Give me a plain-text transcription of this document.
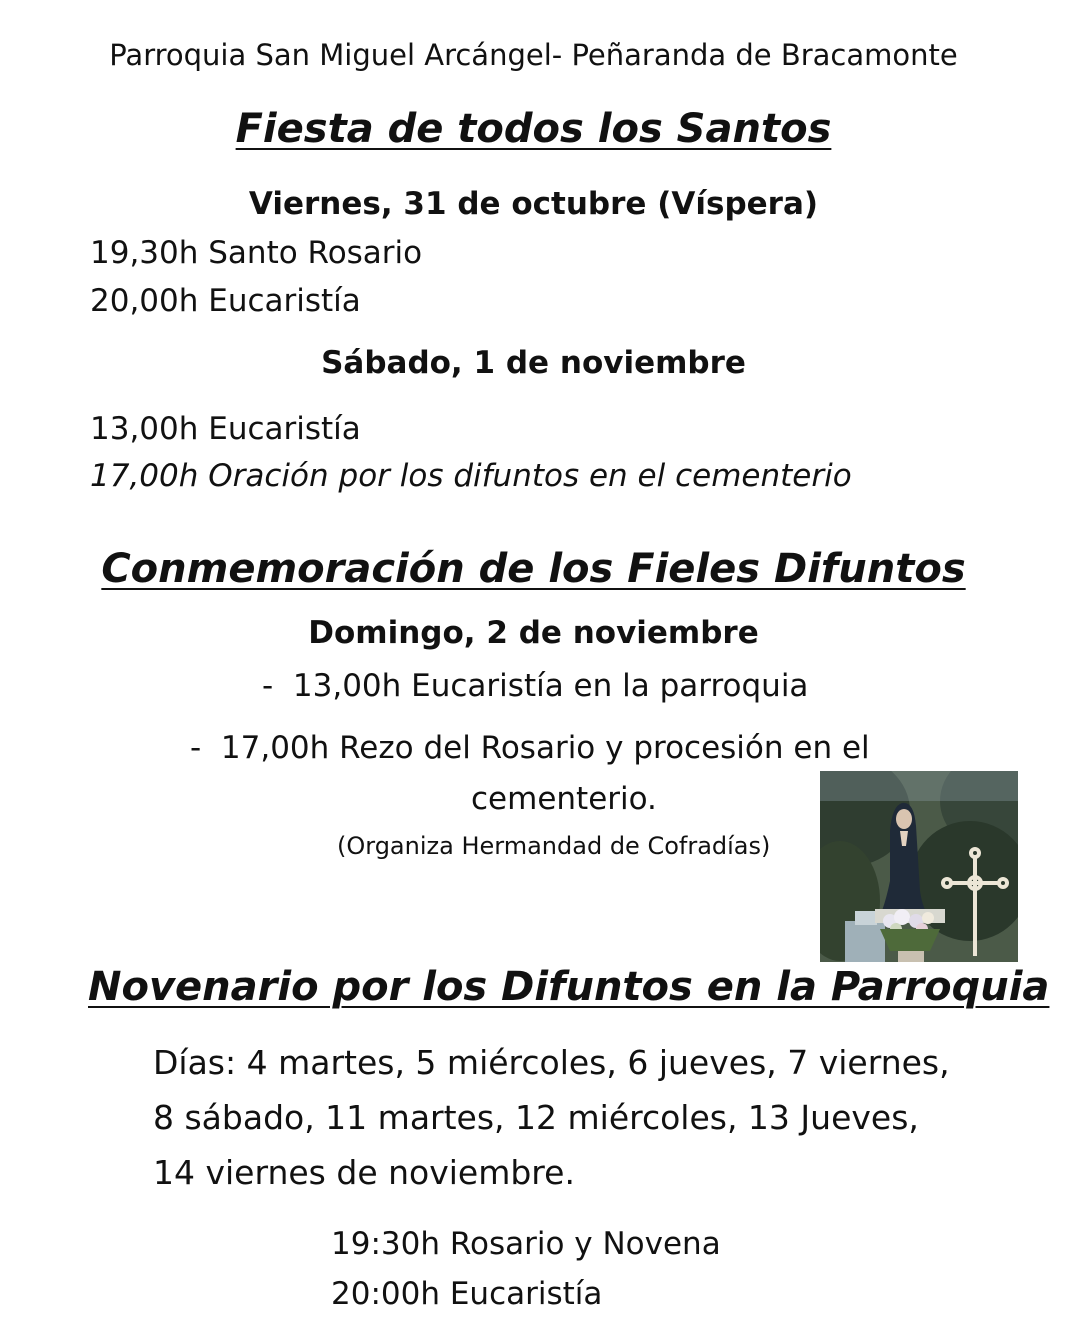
Parroquia San Miguel Arcángel- Peñaranda de Bracamonte
Fiesta de todos los Santos
Viernes, 31 de octubre (Víspera)
19,30h Santo Rosario
20,00h Eucaristía
Sábado, 1 de noviembre
13,00h Eucaristía
17,00h Oración por los difuntos en el cementerio
Conmemoración de los Fieles Difuntos
Domingo, 2 de noviembre
- 13,00h Eucaristía en la parroquia
- 17,00h Rezo del Rosario y procesión en el
cementerio.
(Organiza Hermandad de Cofradías)
Novenario por los Difuntos en la Parroquia
Días: 4 martes, 5 miércoles, 6 jueves, 7 viernes,
8 sábado, 11 martes, 12 miércoles, 13 Jueves,
14 viernes de noviembre.
19:30h Rosario y Novena
20:00h Eucaristía
